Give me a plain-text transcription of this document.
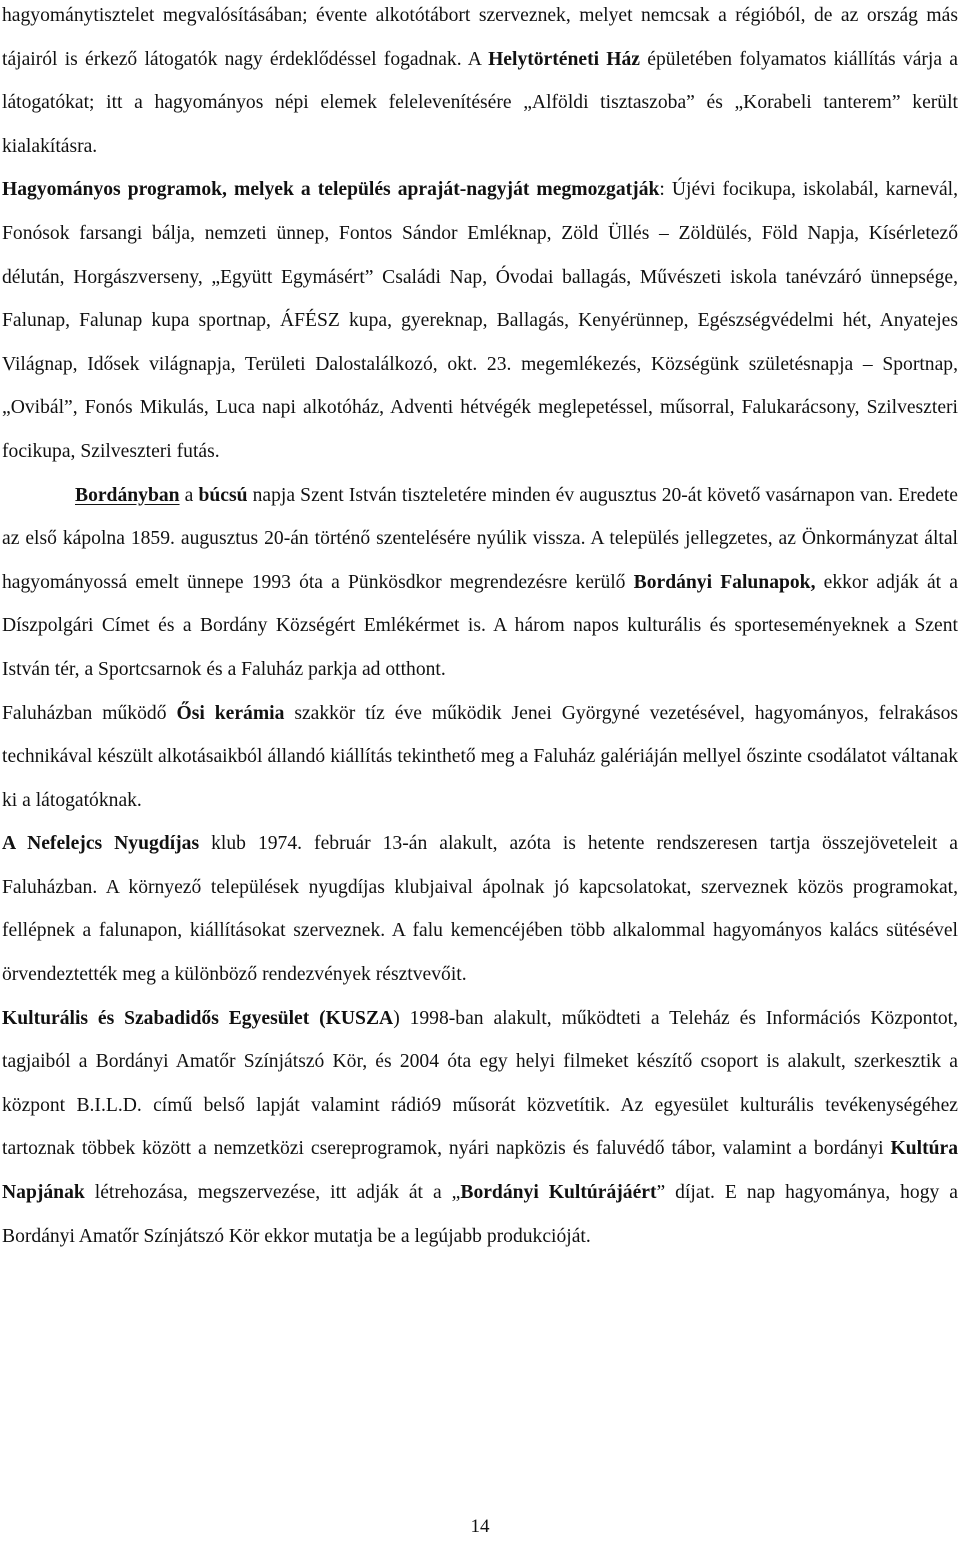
hagyománytisztelet megvalósításában; évente alkotótábort szerveznek, melyet nemcsak a régióból, de az ország más tájairól is érkező látogatók nagy érdeklődéssel fogadnak. A Helytörténeti Ház épületében folyamatos kiállítás várja a látogatókat; itt a hagyományos népi elemek felelevenítésére „Alföldi tisztaszoba” és „Korabeli tanterem” került kialakításra.

Hagyományos programok, melyek a település apraját-nagyját megmozgatják: Újévi focikupa, iskolabál, karnevál, Fonósok farsangi bálja, nemzeti ünnep, Fontos Sándor Emléknap, Zöld Üllés – Zöldülés, Föld Napja, Kísérletező délután, Horgászverseny, „Együtt Egymásért” Családi Nap, Óvodai ballagás, Művészeti iskola tanévzáró ünnepsége, Falunap, Falunap kupa sportnap, ÁFÉSZ kupa, gyereknap, Ballagás, Kenyérünnep, Egészségvédelmi hét, Anyatejes Világnap, Idősek világnapja, Területi Dalostalálkozó, okt. 23. megemlékezés, Községünk születésnapja – Sportnap, „Ovibál”, Fonós Mikulás, Luca napi alkotóház, Adventi hétvégék meglepetéssel, műsorral, Falukarácsony, Szilveszteri focikupa, Szilveszteri futás.

Bordányban a búcsú napja Szent István tiszteletére minden év augusztus 20-át követő vasárnapon van. Eredete az első kápolna 1859. augusztus 20-án történő szentelésére nyúlik vissza. A település jellegzetes, az Önkormányzat által hagyományossá emelt ünnepe 1993 óta a Pünkösdkor megrendezésre kerülő Bordányi Falunapok, ekkor adják át a Díszpolgári Címet és a Bordány Községért Emlékérmet is. A három napos kulturális és sporteseményeknek a Szent István tér, a Sportcsarnok és a Faluház parkja ad otthont.

Faluházban működő Ősi kerámia szakkör tíz éve működik Jenei Györgyné vezetésével, hagyományos, felrakásos technikával készült alkotásaikból állandó kiállítás tekinthető meg a Faluház galériáján mellyel őszinte csodálatot váltanak ki a látogatóknak.

A Nefelejcs Nyugdíjas klub 1974. február 13-án alakult, azóta is hetente rendszeresen tartja összejöveteleit a Faluházban. A környező települések nyugdíjas klubjaival ápolnak jó kapcsolatokat, szerveznek közös programokat, fellépnek a falunapon, kiállításokat szerveznek. A falu kemencéjében több alkalommal hagyományos kalács sütésével örvendeztették meg a különböző rendezvények résztvevőit.

Kulturális és Szabadidős Egyesület (KUSZA) 1998-ban alakult, működteti a Teleház és Információs Központot, tagjaiból a Bordányi Amatőr Színjátszó Kör, és 2004 óta egy helyi filmeket készítő csoport is alakult, szerkesztik a központ B.I.L.D. című belső lapját valamint rádió9 műsorát közvetítik. Az egyesület kulturális tevékenységéhez tartoznak többek között a nemzetközi csereprogramok, nyári napközis és faluvédő tábor, valamint a bordányi Kultúra Napjának létrehozása, megszervezése, itt adják át a „Bordányi Kultúrájáért” díjat. E nap hagyománya, hogy a Bordányi Amatőr Színjátszó Kör ekkor mutatja be a legújabb produkcióját.

14
